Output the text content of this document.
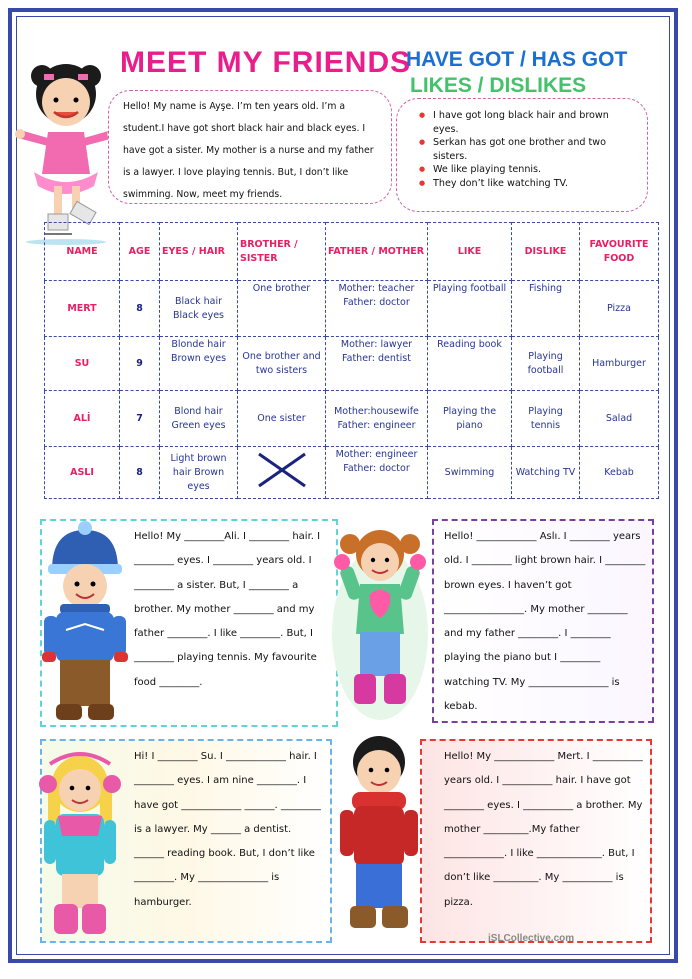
MEET MY FRIENDS
HAVE GOT / HAS GOT
LIKES / DISLIKES
Hello! My name is Ayşe. I’m ten years old. I’m a student.I have got short black hair and black eyes. I have got a sister. My mother is a nurse and my father is a lawyer. I love playing tennis. But, I don’t like swimming. Now, meet my friends.
● I have got long black hair and brown eyes.
● Serkan has got one brother and two sisters.
● We like playing tennis.
● They don’t like watching TV.
NAME	AGE	EYES / HAIR	BROTHER / SISTER	FATHER / MOTHER	LIKE	DISLIKE	FAVOURITE FOOD
MERT	8	Black hair Black eyes	One brother	Mother: teacher Father: doctor	Playing football	Fishing	Pizza
SU	9	Blonde hair Brown eyes	One brother and two sisters	Mother: lawyer Father: dentist	Reading book	Playing football	Hamburger
ALİ	7	Blond hair Green eyes	One sister	Mother:housewife Father: engineer	Playing the piano	Playing tennis	Salad
ASLI	8	Light brown hair Brown eyes		Mother: engineer Father: doctor	Swimming	Watching TV	Kebab

Hello! My ________Ali. I ________ hair. I ________ eyes. I ________ years old. I ________ a sister. But, I ________ a brother. My mother ________ and my father ________. I like ________. But, I ________ playing tennis. My favourite food ________.

Hello! ____________ Aslı. I ________ years old. I ________ light brown hair. I ________ brown eyes. I haven’t got ________________. My mother ________ and my father ________. I ________ playing the piano but I ________ watching TV. My ________________ is kebab.

Hi! I ________ Su. I ____________ hair. I ________ eyes. I am nine ________. I have got ____________ ______. ________ is a lawyer. My ______ a dentist. ______ reading book. But, I don’t like ________. My ______________ is hamburger.

Hello! My ____________ Mert. I __________ years old. I __________ hair. I have got ________ eyes. I __________ a brother. My mother _________.My father ____________. I like _____________. But, I don’t like _________. My __________ is pizza.

iSLCollective.com
